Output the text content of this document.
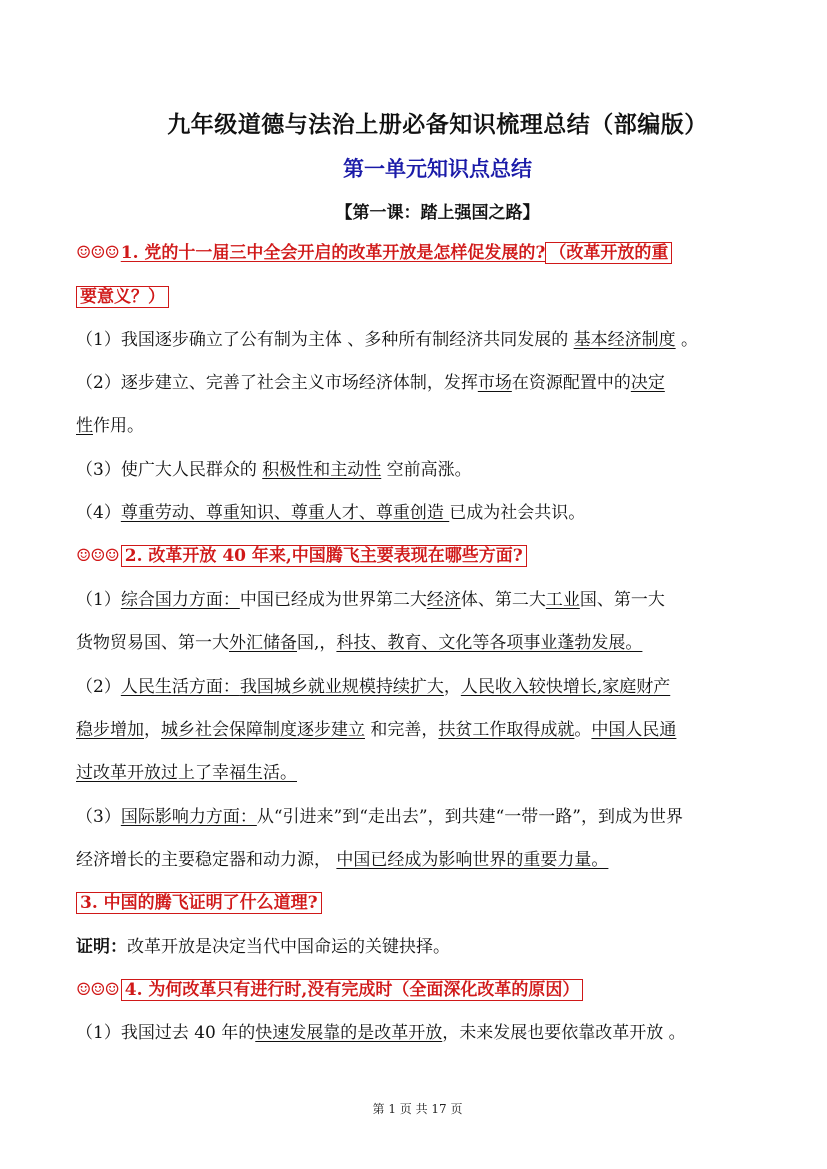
九年级道德与法治上册必备知识梳理总结（部编版）
第一单元知识点总结
【第一课：踏上强国之路】
☺☺☺ 1. 党的十一届三中全会开启的改革开放是怎样促发展的? （改革开放的重
要意义？）
（1）我国逐步确立了公有制为主体 、多种所有制经济共同发展的 基本经济制度 。
（2）逐步建立、完善了社会主义市场经济体制，发挥市场在资源配置中的决定
性作用。
（3）使广大人民群众的 积极性和主动性 空前高涨。
（4）尊重劳动、尊重知识、尊重人才、尊重创造 已成为社会共识。
☺☺☺ 2. 改革开放 40 年来,中国腾飞主要表现在哪些方面?
（1）综合国力方面：中国已经成为世界第二大经济体、第二大工业国、第一大
货物贸易国、第一大外汇储备国,，科技、教育、文化等各项事业蓬勃发展。
（2）人民生活方面：我国城乡就业规模持续扩大，人民收入较快增长,家庭财产
稳步增加，城乡社会保障制度逐步建立 和完善，扶贫工作取得成就。中国人民通
过改革开放过上了幸福生活。
（3）国际影响力方面：从“引进来”到“走出去”，到共建“一带一路”，到成为世界
经济增长的主要稳定器和动力源， 中国已经成为影响世界的重要力量。
3. 中国的腾飞证明了什么道理?
证明：改革开放是决定当代中国命运的关键抉择。
☺☺☺ 4. 为何改革只有进行时,没有完成时（全面深化改革的原因）
（1）我国过去 40 年的快速发展靠的是改革开放，未来发展也要依靠改革开放 。
第 1 页 共 17 页
